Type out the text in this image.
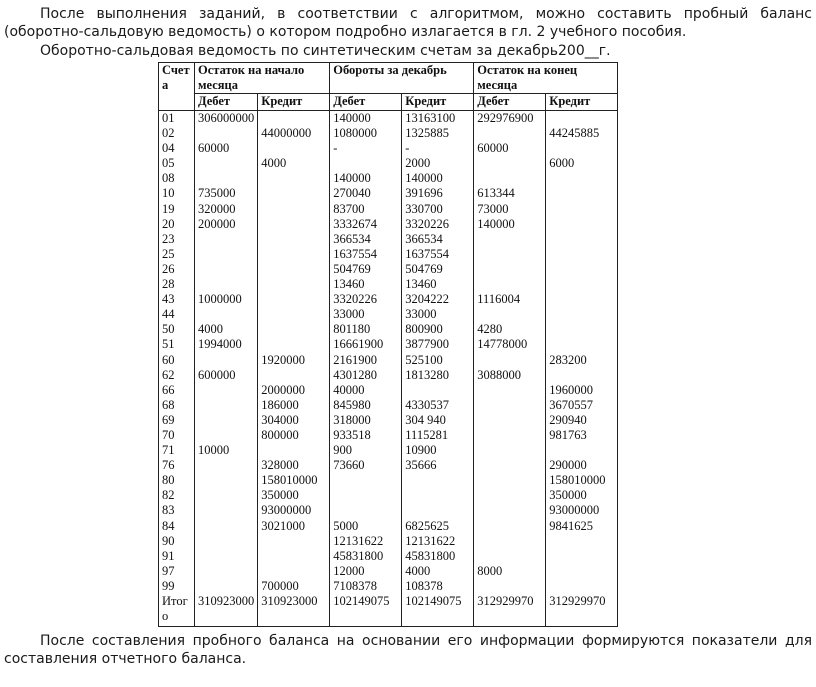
После выполнения заданий, в соответствии с алгоритмом, можно составить пробный баланс (оборотно-сальдовую ведомость) о котором подробно излагается в гл. 2 учебного пособия.

Оборотно-сальдовая ведомость по синтетическим счетам за декабрь200__г.

Счет а	Остаток на начало месяца		Обороты за декабрь		Остаток на конец месяца	
	Дебет	Кредит	Дебет	Кредит	Дебет	Кредит
01	306000000		140000	13163100	292976900	
02		44000000	1080000	1325885		44245885
04	60000		-	-	60000	
05		4000		2000		6000
08			140000	140000		
10	735000		270040	391696	613344	
19	320000		83700	330700	73000	
20	200000		3332674	3320226	140000	
23			366534	366534		
25			1637554	1637554		
26			504769	504769		
28			13460	13460		
43	1000000		3320226	3204222	1116004	
44			33000	33000		
50	4000		801180	800900	4280	
51	1994000		16661900	3877900	14778000	
60		1920000	2161900	525100		283200
62	600000		4301280	1813280	3088000	
66		2000000	40000			1960000
68		186000	845980	4330537		3670557
69		304000	318000	304 940		290940
70		800000	933518	1115281		981763
71	10000		900	10900		
76		328000	73660	35666		290000
80		158010000				158010000
82		350000				350000
83		93000000				93000000
84		3021000	5000	6825625		9841625
90			12131622	12131622		
91			45831800	45831800		
97			12000	4000	8000	
99		700000	7108378	108378		
Итог о	310923000	310923000	102149075	102149075	312929970	312929970

После составления пробного баланса на основании его информации формируются показатели для составления отчетного баланса.
